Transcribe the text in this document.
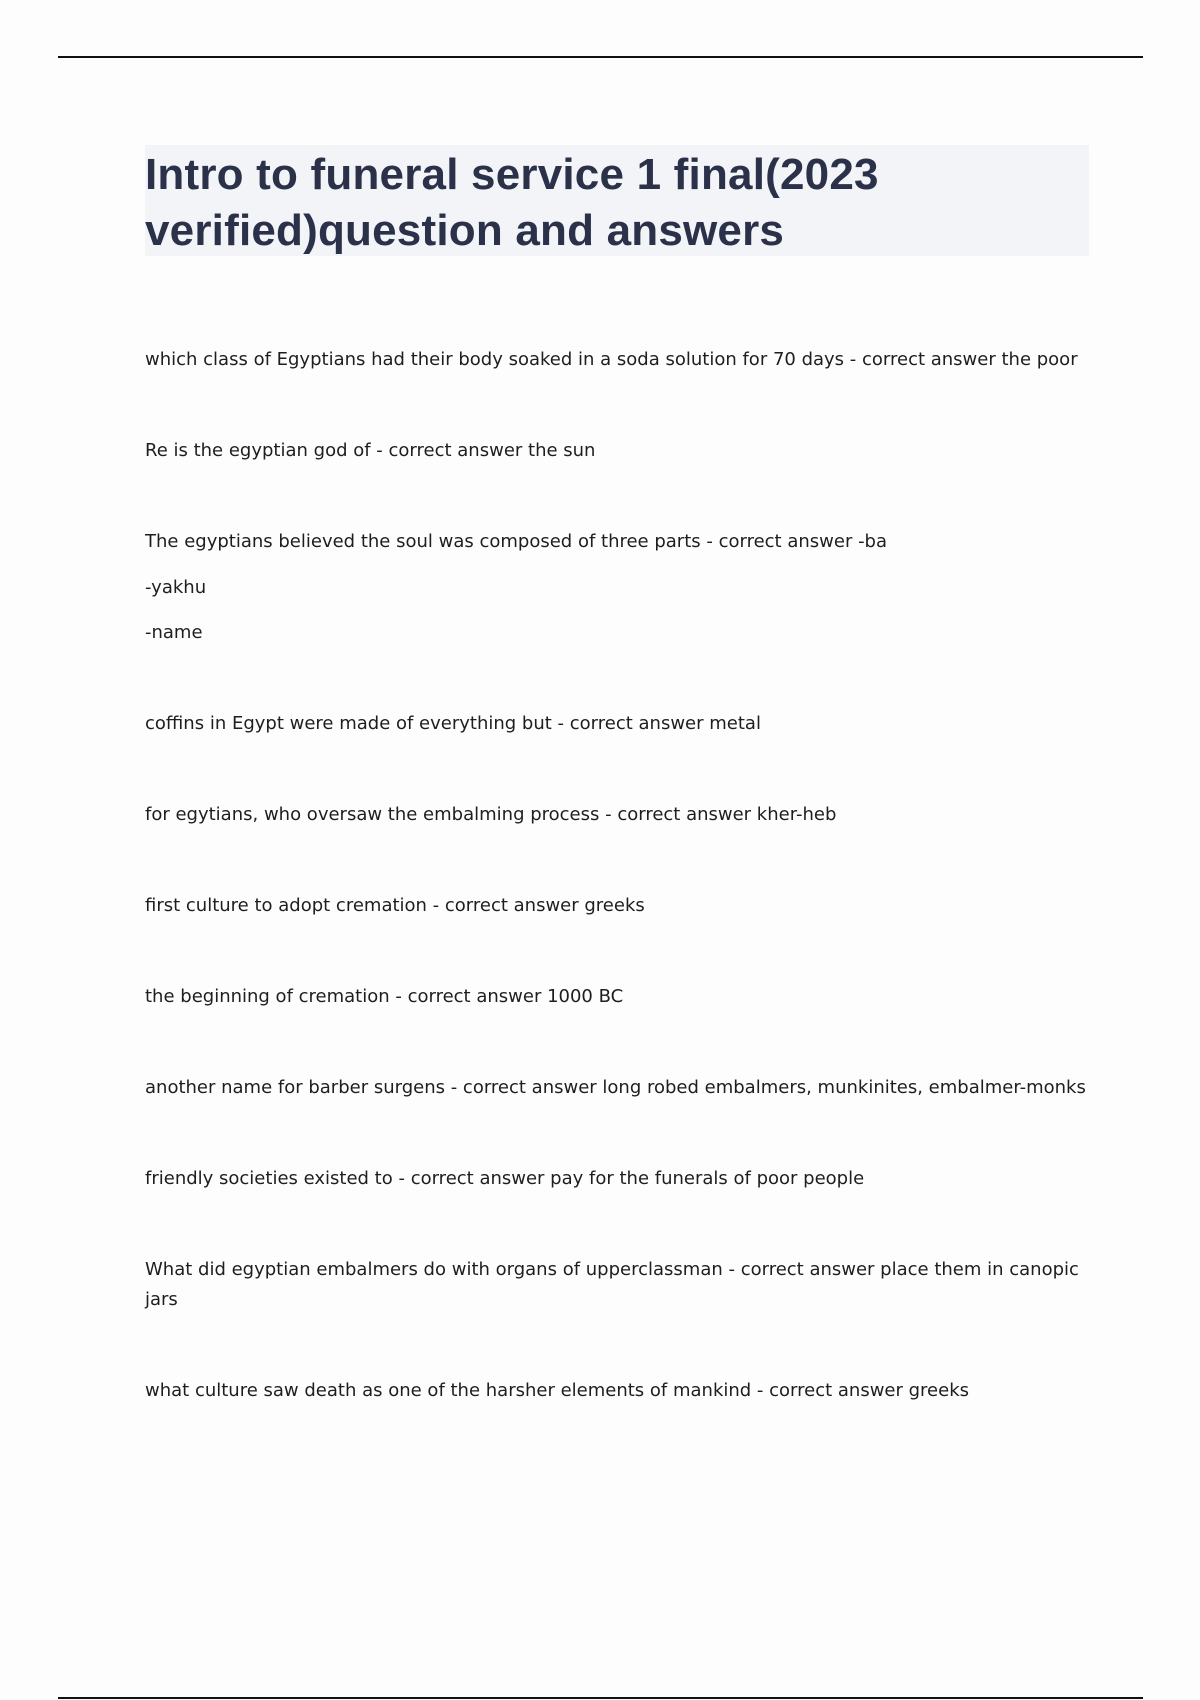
Intro to funeral service 1 final(2023
verified)question and answers

which class of Egyptians had their body soaked in a soda solution for 70 days - correct answer the poor

Re is the egyptian god of - correct answer the sun

The egyptians believed the soul was composed of three parts - correct answer -ba

-yakhu

-name

coffins in Egypt were made of everything but - correct answer metal

for egytians, who oversaw the embalming process - correct answer kher-heb

first culture to adopt cremation - correct answer greeks

the beginning of cremation - correct answer 1000 BC

another name for barber surgens - correct answer long robed embalmers, munkinites, embalmer-monks

friendly societies existed to - correct answer pay for the funerals of poor people

What did egyptian embalmers do with organs of upperclassman - correct answer place them in canopic
jars

what culture saw death as one of the harsher elements of mankind - correct answer greeks
